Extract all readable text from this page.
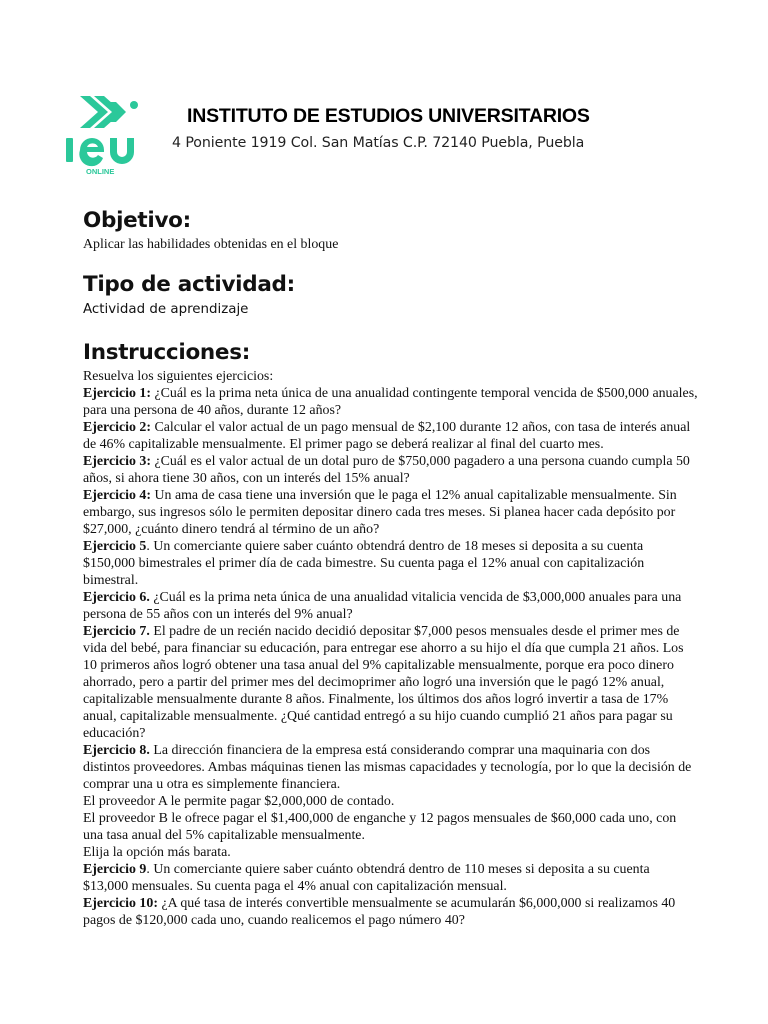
ONLINE
INSTITUTO DE ESTUDIOS UNIVERSITARIOS
4 Poniente 1919 Col. San Matías C.P. 72140 Puebla, Puebla
Objetivo:

Aplicar las habilidades obtenidas en el bloque

Tipo de actividad:

Actividad de aprendizaje

Instrucciones:

Resuelva los siguientes ejercicios:

Ejercicio 1: ¿Cuál es la prima neta única de una anualidad contingente temporal vencida de $500,000 anuales, para una persona de 40 años, durante 12 años?

Ejercicio 2: Calcular el valor actual de un pago mensual de $2,100 durante 12 años, con tasa de interés anual de 46% capitalizable mensualmente. El primer pago se deberá realizar al final del cuarto mes.

Ejercicio 3: ¿Cuál es el valor actual de un dotal puro de $750,000 pagadero a una persona cuando cumpla 50 años, si ahora tiene 30 años, con un interés del 15% anual?

Ejercicio 4: Un ama de casa tiene una inversión que le paga el 12% anual capitalizable mensualmente. Sin embargo, sus ingresos sólo le permiten depositar dinero cada tres meses. Si planea hacer cada depósito por $27,000, ¿cuánto dinero tendrá al término de un año?

Ejercicio 5. Un comerciante quiere saber cuánto obtendrá dentro de 18 meses si deposita a su cuenta $150,000 bimestrales el primer día de cada bimestre. Su cuenta paga el 12% anual con capitalización bimestral.

Ejercicio 6. ¿Cuál es la prima neta única de una anualidad vitalicia vencida de $3,000,000 anuales para una persona de 55 años con un interés del 9% anual?

Ejercicio 7. El padre de un recién nacido decidió depositar $7,000 pesos mensuales desde el primer mes de vida del bebé, para financiar su educación, para entregar ese ahorro a su hijo el día que cumpla 21 años. Los 10 primeros años logró obtener una tasa anual del 9% capitalizable mensualmente, porque era poco dinero ahorrado, pero a partir del primer mes del decimoprimer año logró una inversión que le pagó 12% anual, capitalizable mensualmente durante 8 años. Finalmente, los últimos dos años logró invertir a tasa de 17% anual, capitalizable mensualmente. ¿Qué cantidad entregó a su hijo cuando cumplió 21 años para pagar su educación?

Ejercicio 8. La dirección financiera de la empresa está considerando comprar una maquinaria con dos distintos proveedores. Ambas máquinas tienen las mismas capacidades y tecnología, por lo que la decisión de comprar una u otra es simplemente financiera.

El proveedor A le permite pagar $2,000,000 de contado.

El proveedor B le ofrece pagar el $1,400,000 de enganche y 12 pagos mensuales de $60,000 cada uno, con una tasa anual del 5% capitalizable mensualmente.

Elija la opción más barata.

Ejercicio 9. Un comerciante quiere saber cuánto obtendrá dentro de 110 meses si deposita a su cuenta $13,000 mensuales. Su cuenta paga el 4% anual con capitalización mensual.

Ejercicio 10: ¿A qué tasa de interés convertible mensualmente se acumularán $6,000,000 si realizamos 40 pagos de $120,000 cada uno, cuando realicemos el pago número 40?
